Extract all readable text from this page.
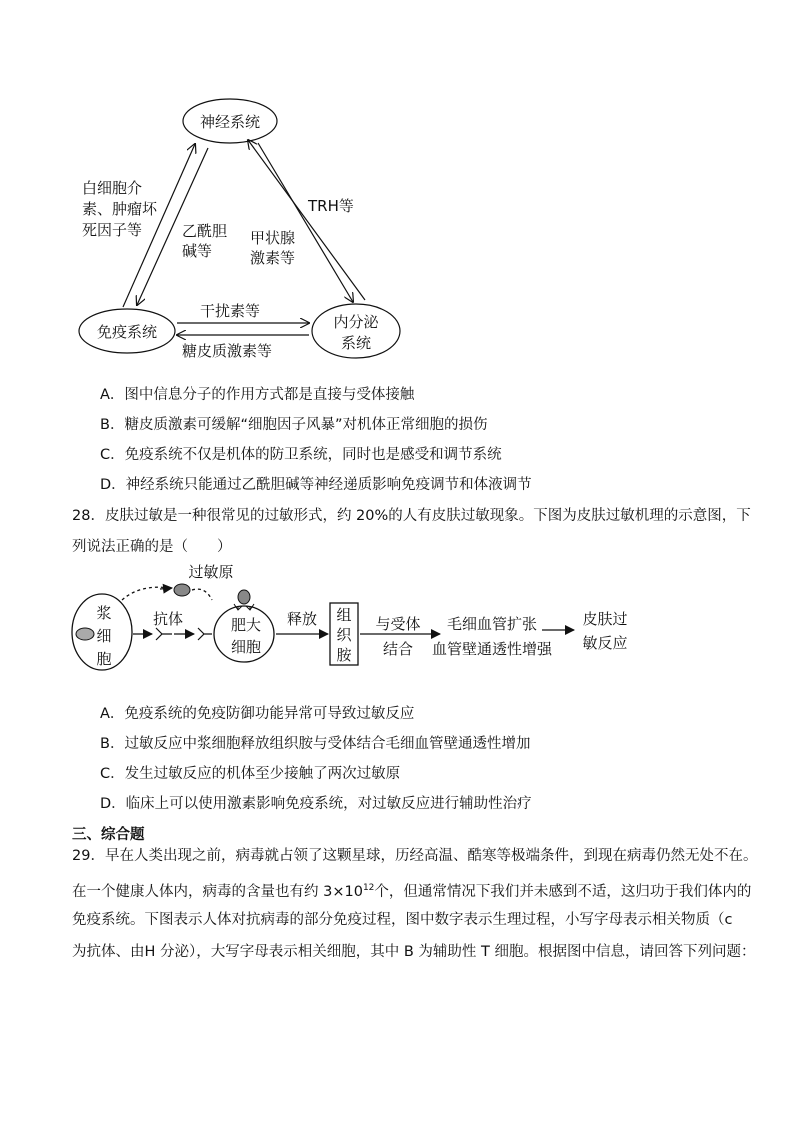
神经系统
免疫系统
内分泌
系统
白细胞介
素、肿瘤坏
死因子等	乙酰胆
碱等
TRH等
甲状腺
激素等
干扰素等
糖皮质激素等
A．图中信息分子的作用方式都是直接与受体接触
B．糖皮质激素可缓解“细胞因子风暴”对机体正常细胞的损伤
C．免疫系统不仅是机体的防卫系统，同时也是感受和调节系统
D．神经系统只能通过乙酰胆碱等神经递质影响免疫调节和体液调节
28．皮肤过敏是一种很常见的过敏形式，约 20%的人有皮肤过敏现象。下图为皮肤过敏机理的示意图，下
列说法正确的是（　　）
浆
细
胞
过敏原
抗体	肥大
细胞
释放 组
织
胺
与受体
结合
毛细血管扩张
血管壁通透性增强
皮肤过
敏反应
A．免疫系统的免疫防御功能异常可导致过敏反应
B．过敏反应中浆细胞释放组织胺与受体结合毛细血管壁通透性增加
C．发生过敏反应的机体至少接触了两次过敏原
D．临床上可以使用激素影响免疫系统，对过敏反应进行辅助性治疗
三、综合题
29．早在人类出现之前，病毒就占领了这颗星球，历经高温、酷寒等极端条件，到现在病毒仍然无处不在。
在一个健康人体内，病毒的含量也有约 $3\times 10^{12}$个，但通常情况下我们并未感到不适，这归功于我们体内的
免疫系统。下图表示人体对抗病毒的部分免疫过程，图中数字表示生理过程，小写字母表示相关物质（c
为抗体、由H 分泌），大写字母表示相关细胞，其中 B 为辅助性 T 细胞。根据图中信息，请回答下列问题：
